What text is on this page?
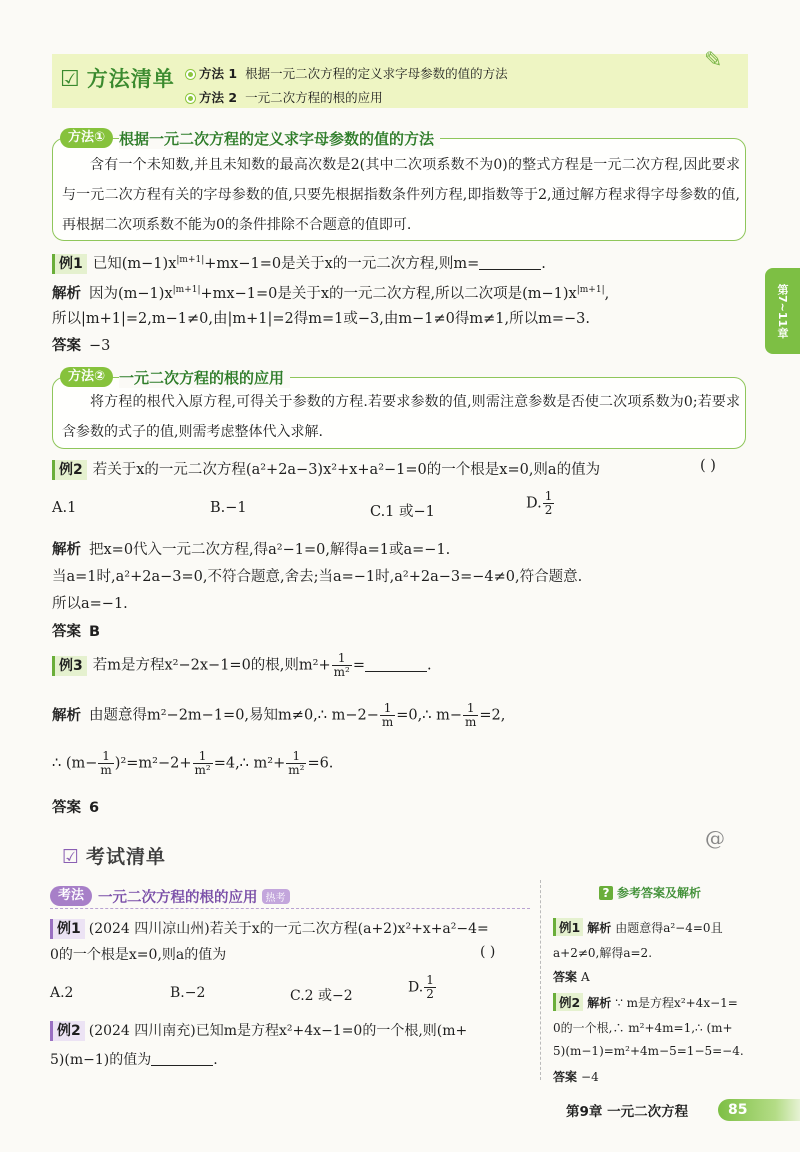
☑ 方法清单	方法 1 根据一元二次方程的定义求字母参数的值的方法
方法 2 一元二次方程的根的应用
✎
第7~11章
方法① 根据一元二次方程的定义求字母参数的值的方法
含有一个未知数,并且未知数的最高次数是2(其中二次项系数不为0)的整式方程是一元二次方程,因此要求与一元二次方程有关的字母参数的值,只要先根据指数条件列方程,即指数等于2,通过解方程求得字母参数的值,再根据二次项系数不能为0的条件排除不合题意的值即可.
例1 已知$(m-1)x^{|m+1|}+mx-1=0$是关于x的一元二次方程,则m=	.
解析 因为$(m-1)x^{|m+1|}+mx-1=0$是关于x的一元二次方程,所以二次项是$(m-1)x^{|m+1|}$,
所以|m+1|=2,m−1≠0,由|m+1|=2得m=1或−3,由m−1≠0得m≠1,所以m=−3.
答案 −3
方法② 一元二次方程的根的应用
将方程的根代入原方程,可得关于参数的方程.若要求参数的值,则需注意参数是否使二次项系数为0;若要求含参数的式子的值,则需考虑整体代入求解.
例2 若关于x的一元二次方程(a²+2a−3)x²+x+a²−1=0的一个根是x=0,则a的值为	( )
A.1	B.−1	C.1 或−1
D. $\frac{1}{2}$
解析 把x=0代入一元二次方程,得a²−1=0,解得a=1或a=−1.
当a=1时,a²+2a−3=0,不符合题意,舍去;当a=−1时,a²+2a−3=−4≠0,符合题意.
所以a=−1.
答案 B
例3 若m是方程x²−2x−1=0的根,则$m^2+ \frac{1}{\text{m²}}$ =	.
解析 由题意得m²−2m−1=0,易知m≠0,∴ $m-2- \frac{1}{m}$ =0,∴ $m- \frac{1}{m} =2$,
∴ $(m- \frac{1}{m} )^2=m^2-2+ \frac{1}{\text{m²}}$ =4,∴ $m^2+ \frac{1}{\text{m²}} =6$.
答案 6
@
☑ 考试清单
考法 一元二次方程的根的应用 热考
例1 (2024 四川凉山州)若关于x的一元二次方程(a+2)x²+x+a²−4=
0的一个根是x=0,则a的值为	( )
A.2	B.−2	C.2 或−2
D. $\frac{1}{2}$
例2 (2024 四川南充)已知m是方程x²+4x−1=0的一个根,则(m+
5)(m−1)的值为	.
? 参考答案及解析
例1 解析 由题意得a²−4=0且
a+2≠0,解得a=2.
答案 A
例2 解析 ∵ m是方程x²+4x−1=
0的一个根,∴ m²+4m=1,∴ (m+
5)(m−1)=m²+4m−5=1−5=−4.
答案 −4
第9章 一元二次方程	85
